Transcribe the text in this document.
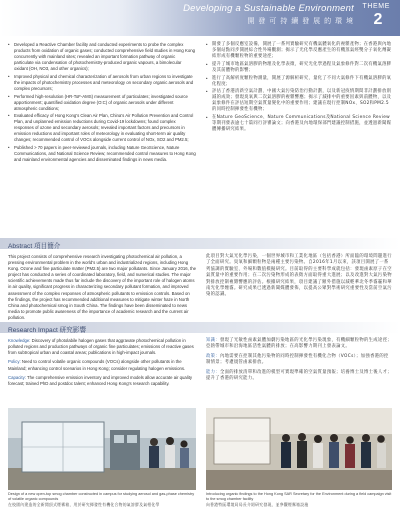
Developing a Sustainable Environment
開 發 可 持 續 發 展 的 環 境
THEME
2
•	Developed a Reactive Chamber facility and conducted experiments to probe the complex products from oxidation of organic gases; conducted comprehensive field studies in Hong Kong concurrently with mainland sites; revealed an important formation pathway of organic particulate via condensation of photochemistry-produced organic vapours, a bimolecular oxidant (OH, NO3, and other organics);
•	Improved physical and chemical characterization of aerosols from urban regions to investigate the impacts of photochemistry processes and meteorology on secondary organic aerosols and complex precursors;
•	Performed high-resolution (HR-ToF-AMS) measurement of particulates; investigated source apportionment; quantified oxidation degree (O:C) of organic aerosols under different atmospheric conditions;
•	Evaluated efficacy of Hong Kong's Clean Air Plan, China's Air Pollution Prevention and Control Plan, and unplanned emission reductions during Covid-19 lockdowns; found complex responses of ozone and secondary aerosols; revealed important factors and precursors in emission reductions and important roles of meteorology in evaluating short-term air quality changes; recommended control of VOCs alongside current control of NOx, SO2 and PM2.5;
•	Published > 70 papers in peer-reviewed journals, including Nature GeoScience, Nature Communications, and National Science Review; recommended control measures to Hong Kong and mainland environmental agencies and disseminated findings in news media.
•	開發了多個反應室設備，開展了一系列實驗研究有機氣體氧化的複雜產物；在香港與內地多個站點同步開展綜合性外場觀測；揭示了光化學反應產生的有機蒸氣經雙分子氧化劑凝結形成有機顆粒物的重要途徑；
•	提升了城市地區氣溶膠的物理及化學表徵，研究光化學過程及氣象條件對二次有機氣溶膠及其前體物的影響；
•	進行了高解析度顆粒物測量，開展了源解析研究，量化了不同大氣條件下有機氣溶膠的氧化程度；
•	評估了香港清新空氣計劃、中國大氣污染防治行動計劃，以及新冠疫情期間非計劃排放削減的成效；發現臭氧與二次氣溶膠的複雜響應；揭示了減排中的重要因素與前體物，以及氣象條件在評估短期空氣質量變化中的重要作用；建議在現行控制NOx、SO2和PM2.5的同時控制揮發性有機物；
•	在Nature GeoScience、Nature Communications及National Science Review等期刊發表逾七十篇同行評審論文；向香港及內地環保部門建議控制措施，並透過新聞媒體傳播研究結果。
Abstract 項目簡介
This project consists of comprehensive research investigating photochemical air pollution, a pressing environmental problem in the world's urban and industrialized regions, including Hong Kong. Ozone and fine particulate matter (PM2.5) are two major pollutants. Since January 2016, the project has conducted a series of coordinated laboratory, field, and numerical studies. The major scientific achievements made thus far include the discovery of the important role of halogen atoms in air quality, significant progress in characterizing secondary pollutant formation, and improved assessment of the complex responses of atmospheric pollutants to emission controls. Based on the findings, the project has recommended additional measures to mitigate winter haze in North China and photochemical smog in South China. The findings have been disseminated to news media to promote public awareness of the importance of academic research and the current air pollution.
此項目對大氣光化學污染，一個世界城市和工業化地區（包括香港）所面臨的環境問題進行了全面研究。臭氧和細顆粒物是兩種主要污染物。自2016年1月以來，該項目開展了一系列協調的實驗室、外場和數值模擬研究。目前取得的主要科學成就包括：發現鹵素原子在空氣質量中的重要作用；在二次污染物形成的表徵方面取得重大進展；以及改進對大氣污染物對排放控制複雜響應的評估。根據研究結果，項目建議了額外措施以減輕華北冬季霧霾和華南光化學煙霧。研究成果已透過新聞媒體發佈，以提高公眾對學術研究重要性及當前空氣污染的認識。
Research Impact 研究影響
Knowledge: Discovery of photolabile halogen gases that aggravate photochemical pollution in polluted regions and production pathways of organic fine particulates; emissions of reactive gases from subtropical urban and coastal areas; publications in high-impact journals.
Policy: Need to control volatile organic compounds (VOCs) alongside other pollutants in the Mainland; enhancing control scenarios in Hong Kong; consider regulating halogen emissions.
Capacity: The comprehensive emission inventory and improved models allow accurate air quality forecast; trained PhD and postdoc talent; enhanced Hong Kong's research capability.
知識：發現了光敏性鹵素氣體加劇污染地區的光化學污染現象，有機細顆粒物的生成途徑；亞熱帶城市和沿海地區活性氣體的排放；在高影響力期刊上發表論文。
政策：內地需要在控制其他污染物的同時控制揮發性有機化合物（VOCs）；加強香港的控制情景；考慮規管鹵素排放。
能力：全面的排放清單和改進的模型可實現準確的空氣質量預報；培養博士及博士後人才；提升了香港的研究能力。
Design of a new open-top smog chamber constructed in campus for studying aerosol and gas-phase chemistry of volatile organic compounds
在校園內建造的全新開頂式煙霧箱，用於研究揮發性有機化合物的氣溶膠及氣相化學
Introducing organic findings to the Hong Kong SAR Secretary for the Environment during a field campaign visit to the smog chamber facility
向香港特區環境局局長介紹研究發現，並參觀煙霧箱設施
